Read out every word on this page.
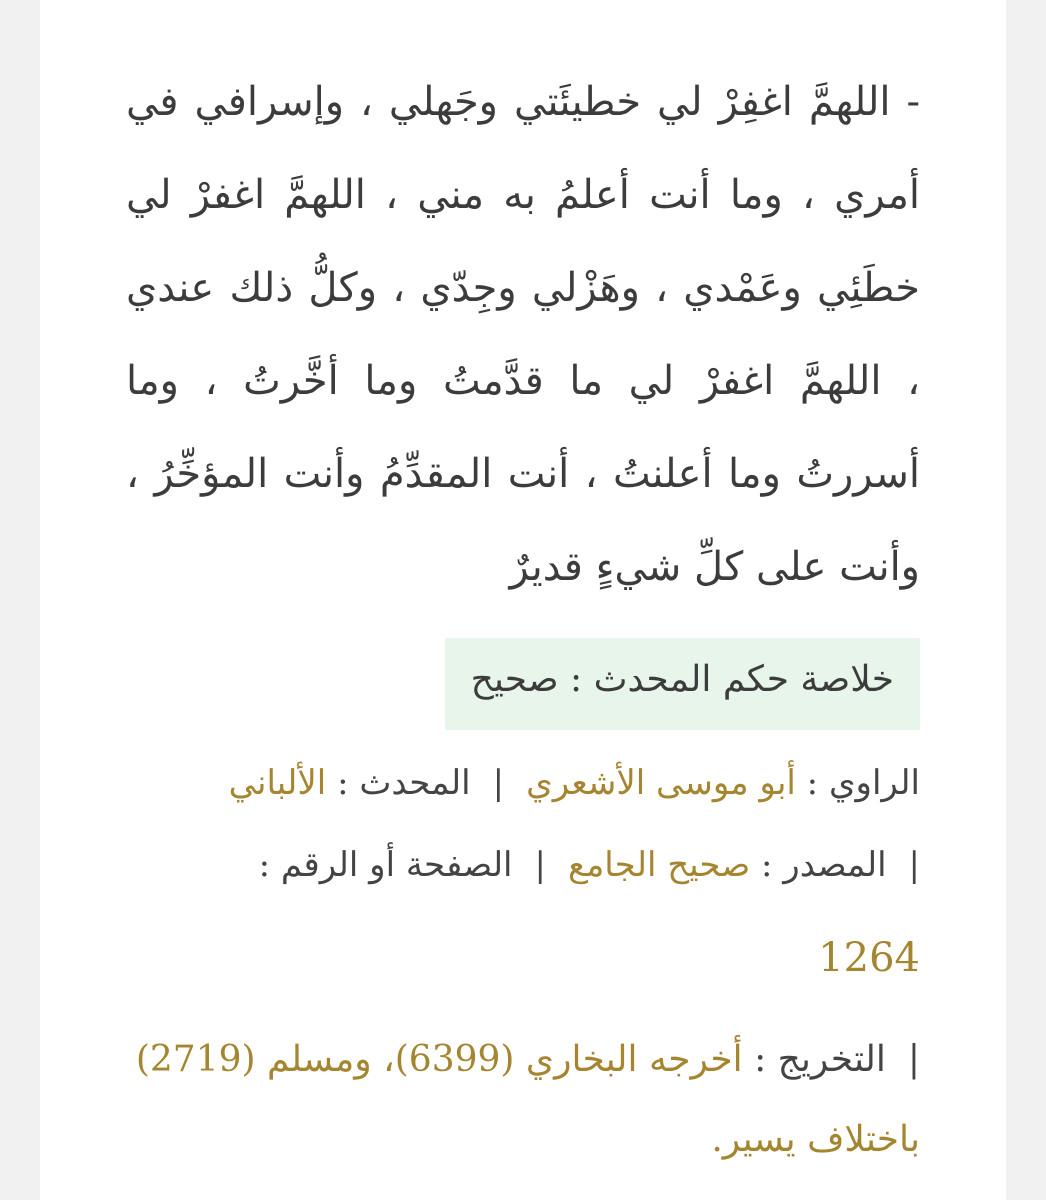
- اللهمَّ اغفِرْ لي خطيئَتي وجَهلي ، وإسرافي في أمري ، وما أنت أعلمُ به مني ، اللهمَّ اغفرْ لي خطَئِي وعَمْدي ، وهَزْلي وجِدّي ، وكلُّ ذلك عندي ، اللهمَّ اغفرْ لي ما قدَّمتُ وما أخَّرتُ ، وما أسررتُ وما أعلنتُ ، أنت المقدِّمُ وأنت المؤخِّرُ ، وأنت على كلِّ شيءٍ قديرٌ

خلاصة حكم المحدث : صحيح
الراوي : أبو موسى الأشعري|المحدث : الألباني
|المصدر : صحيح الجامع|الصفحة أو الرقم :
1264
|التخريج : أخرجه البخاري (6399)، ومسلم (2719) باختلاف يسير.
